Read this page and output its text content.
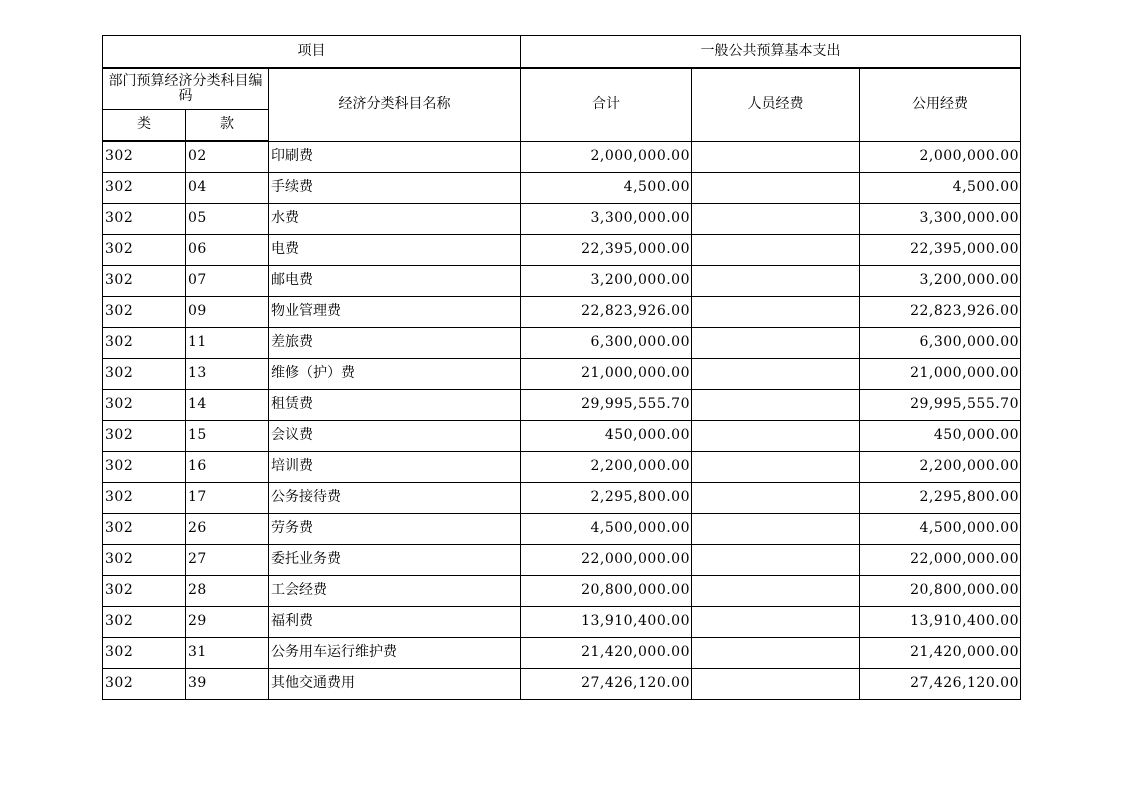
项目			一般公共预算基本支出		
部门预算经济分类科目编码		经济分类科目名称	合计	人员经费	公用经费
类	款				
302	02	印刷费	2,000,000.00		2,000,000.00
302	04	手续费	4,500.00		4,500.00
302	05	水费	3,300,000.00		3,300,000.00
302	06	电费	22,395,000.00		22,395,000.00
302	07	邮电费	3,200,000.00		3,200,000.00
302	09	物业管理费	22,823,926.00		22,823,926.00
302	11	差旅费	6,300,000.00		6,300,000.00
302	13	维修（护）费	21,000,000.00		21,000,000.00
302	14	租赁费	29,995,555.70		29,995,555.70
302	15	会议费	450,000.00		450,000.00
302	16	培训费	2,200,000.00		2,200,000.00
302	17	公务接待费	2,295,800.00		2,295,800.00
302	26	劳务费	4,500,000.00		4,500,000.00
302	27	委托业务费	22,000,000.00		22,000,000.00
302	28	工会经费	20,800,000.00		20,800,000.00
302	29	福利费	13,910,400.00		13,910,400.00
302	31	公务用车运行维护费	21,420,000.00		21,420,000.00
302	39	其他交通费用	27,426,120.00		27,426,120.00
